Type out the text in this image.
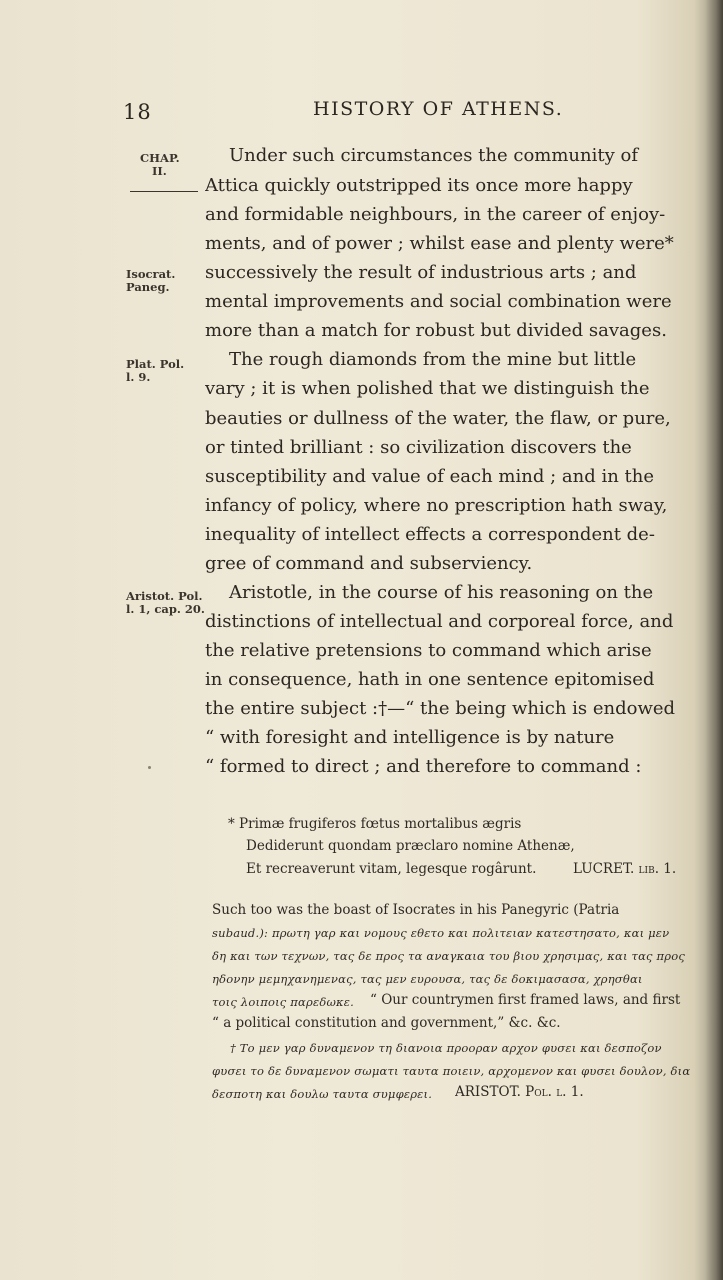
18	HISTORY OF ATHENS.
CHAP.
II.
Isocrat.
Paneg.
Plat. Pol.
l. 9.
Aristot. Pol.
l. 1, cap. 20.
Under such circumstances the community of
Attica quickly outstripped its once more happy
and formidable neighbours, in the career of enjoy-
ments, and of power ; whilst ease and plenty were*
successively the result of industrious arts ; and
mental improvements and social combination were
more than a match for robust but divided savages.
The rough diamonds from the mine but little
vary ; it is when polished that we distinguish the
beauties or dullness of the water, the flaw, or pure,
or tinted brilliant : so civilization discovers the
susceptibility and value of each mind ; and in the
infancy of policy, where no prescription hath sway,
inequality of intellect effects a correspondent de-
gree of command and subserviency.
Aristotle, in the course of his reasoning on the
distinctions of intellectual and corporeal force, and
the relative pretensions to command which arise
in consequence, hath in one sentence epitomised
the entire subject :†—“ the being which is endowed
“ with foresight and intelligence is by nature
“ formed to direct ; and therefore to command :
* Primæ frugiferos fœtus mortalibus ægris
Dediderunt quondam præclaro nomine Athenæ,
Et recreaverunt vitam, legesque rogârunt.	LUCRET. lib. 1.
Such too was the boast of Isocrates in his Panegyric (Patria
subaud.): πρωτη γαρ και νομους εθετο και πολιτειαν κατεστησατο, και μεν
δη και των τεχνων, τας δε προς τα αναγκαια του βιου χρησιμας, και τας προς
ηδονην μεμηχανημενας, τας μεν ευρουσα, τας δε δοκιμασασα, χρησθαι
τοις λοιποις παρεδωκε.	“ Our countrymen first framed laws, and first
“ a political constitution and government,” &c. &c.
† Το μεν γαρ δυναμενον τη διανοια προοραν αρχον φυσει και δεσποζον
φυσει το δε δυναμενον σωματι ταυτα ποιειν, αρχομενον και φυσει δουλον, δια
δεσποτη και δουλω ταυτα συμφερει.	ARISTOT. Pol. l. 1.
